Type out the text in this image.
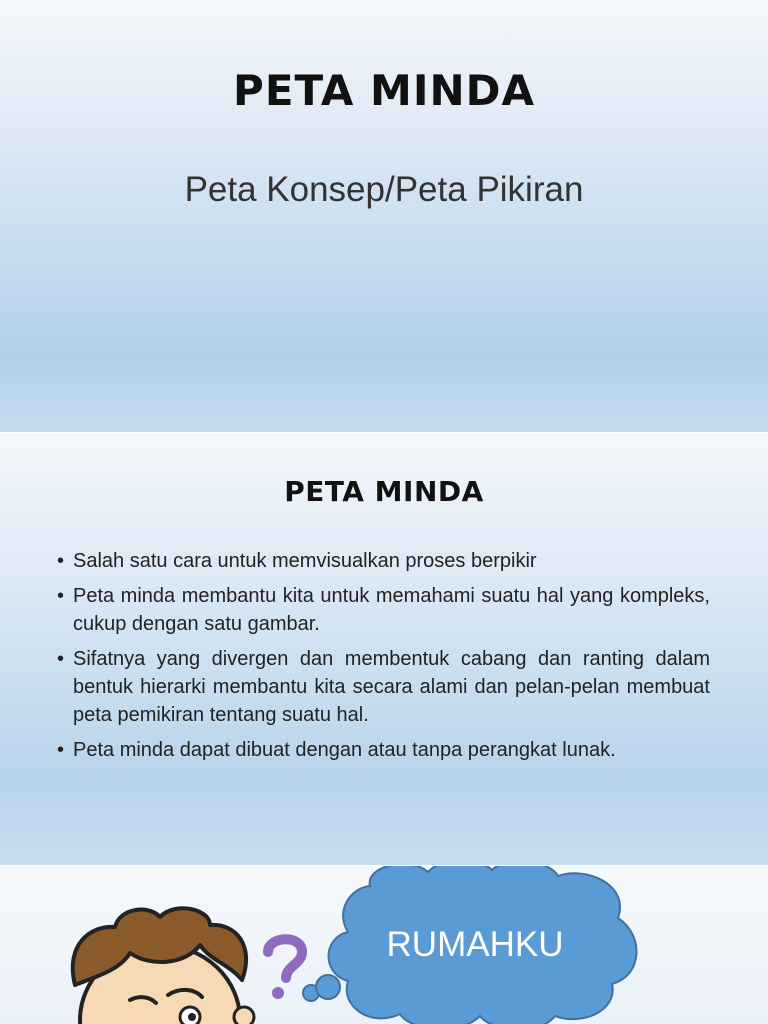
PETA MINDA
Peta Konsep/Peta Pikiran
PETA MINDA
• Salah satu cara untuk memvisualkan proses berpikir
• Peta minda membantu kita untuk memahami suatu hal yang kompleks, cukup dengan satu gambar.
• Sifatnya yang divergen dan membentuk cabang dan ranting dalam bentuk hierarki membantu kita secara alami dan pelan-pelan membuat peta pemikiran tentang suatu hal.
• Peta minda dapat dibuat dengan atau tanpa perangkat lunak.
RUMAHKU
